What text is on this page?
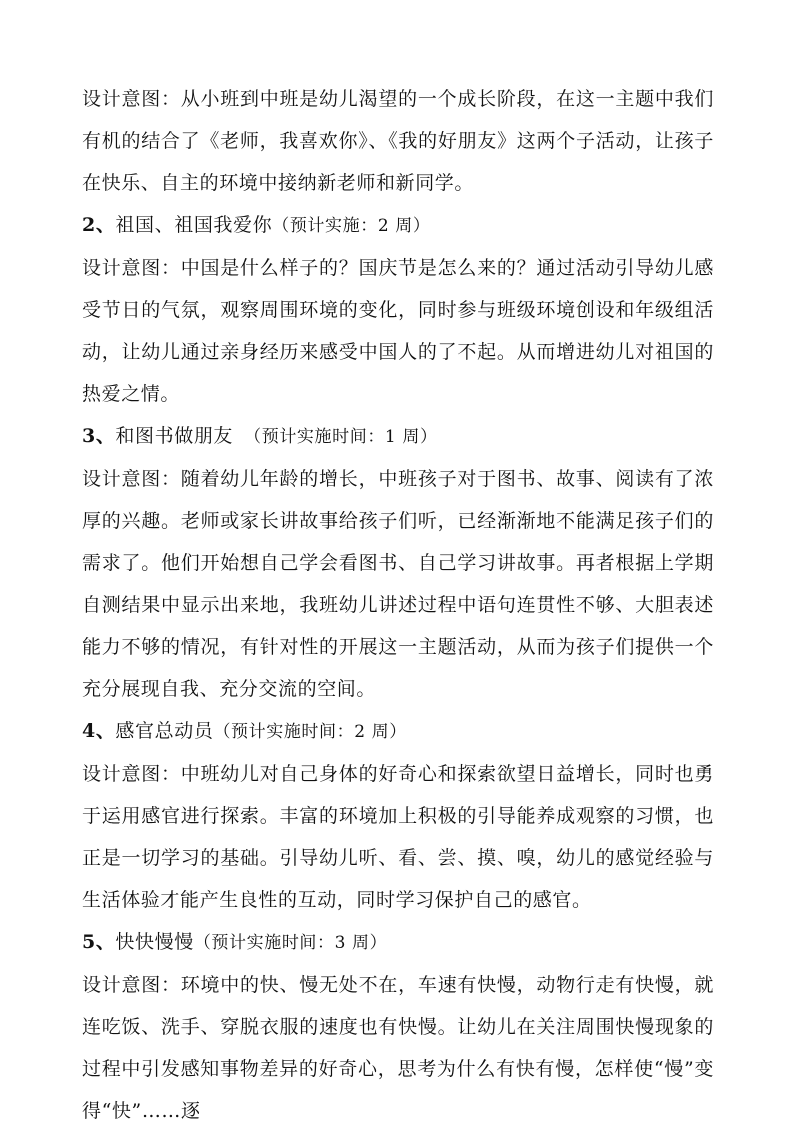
设计意图：从小班到中班是幼儿渴望的一个成长阶段，在这一主题中我们有机的结合了《老师，我喜欢你》、《我的好朋友》这两个子活动，让孩子在快乐、自主的环境中接纳新老师和新同学。

2、祖国、祖国我爱你（预计实施：2 周）

设计意图：中国是什么样子的？国庆节是怎么来的？通过活动引导幼儿感受节日的气氛，观察周围环境的变化，同时参与班级环境创设和年级组活动，让幼儿通过亲身经历来感受中国人的了不起。从而增进幼儿对祖国的热爱之情。

3、和图书做朋友　（预计实施时间：1 周）

设计意图：随着幼儿年龄的增长，中班孩子对于图书、故事、阅读有了浓厚的兴趣。老师或家长讲故事给孩子们听，已经渐渐地不能满足孩子们的需求了。他们开始想自己学会看图书、自己学习讲故事。再者根据上学期自测结果中显示出来地，我班幼儿讲述过程中语句连贯性不够、大胆表述能力不够的情况，有针对性的开展这一主题活动，从而为孩子们提供一个充分展现自我、充分交流的空间。

4、感官总动员（预计实施时间：2 周）

设计意图：中班幼儿对自己身体的好奇心和探索欲望日益增长，同时也勇于运用感官进行探索。丰富的环境加上积极的引导能养成观察的习惯，也正是一切学习的基础。引导幼儿听、看、尝、摸、嗅，幼儿的感觉经验与生活体验才能产生良性的互动，同时学习保护自己的感官。

5、快快慢慢（预计实施时间：3 周）

设计意图：环境中的快、慢无处不在，车速有快慢，动物行走有快慢，就连吃饭、洗手、穿脱衣服的速度也有快慢。让幼儿在关注周围快慢现象的过程中引发感知事物差异的好奇心，思考为什么有快有慢，怎样使“慢”变得“快”……逐
